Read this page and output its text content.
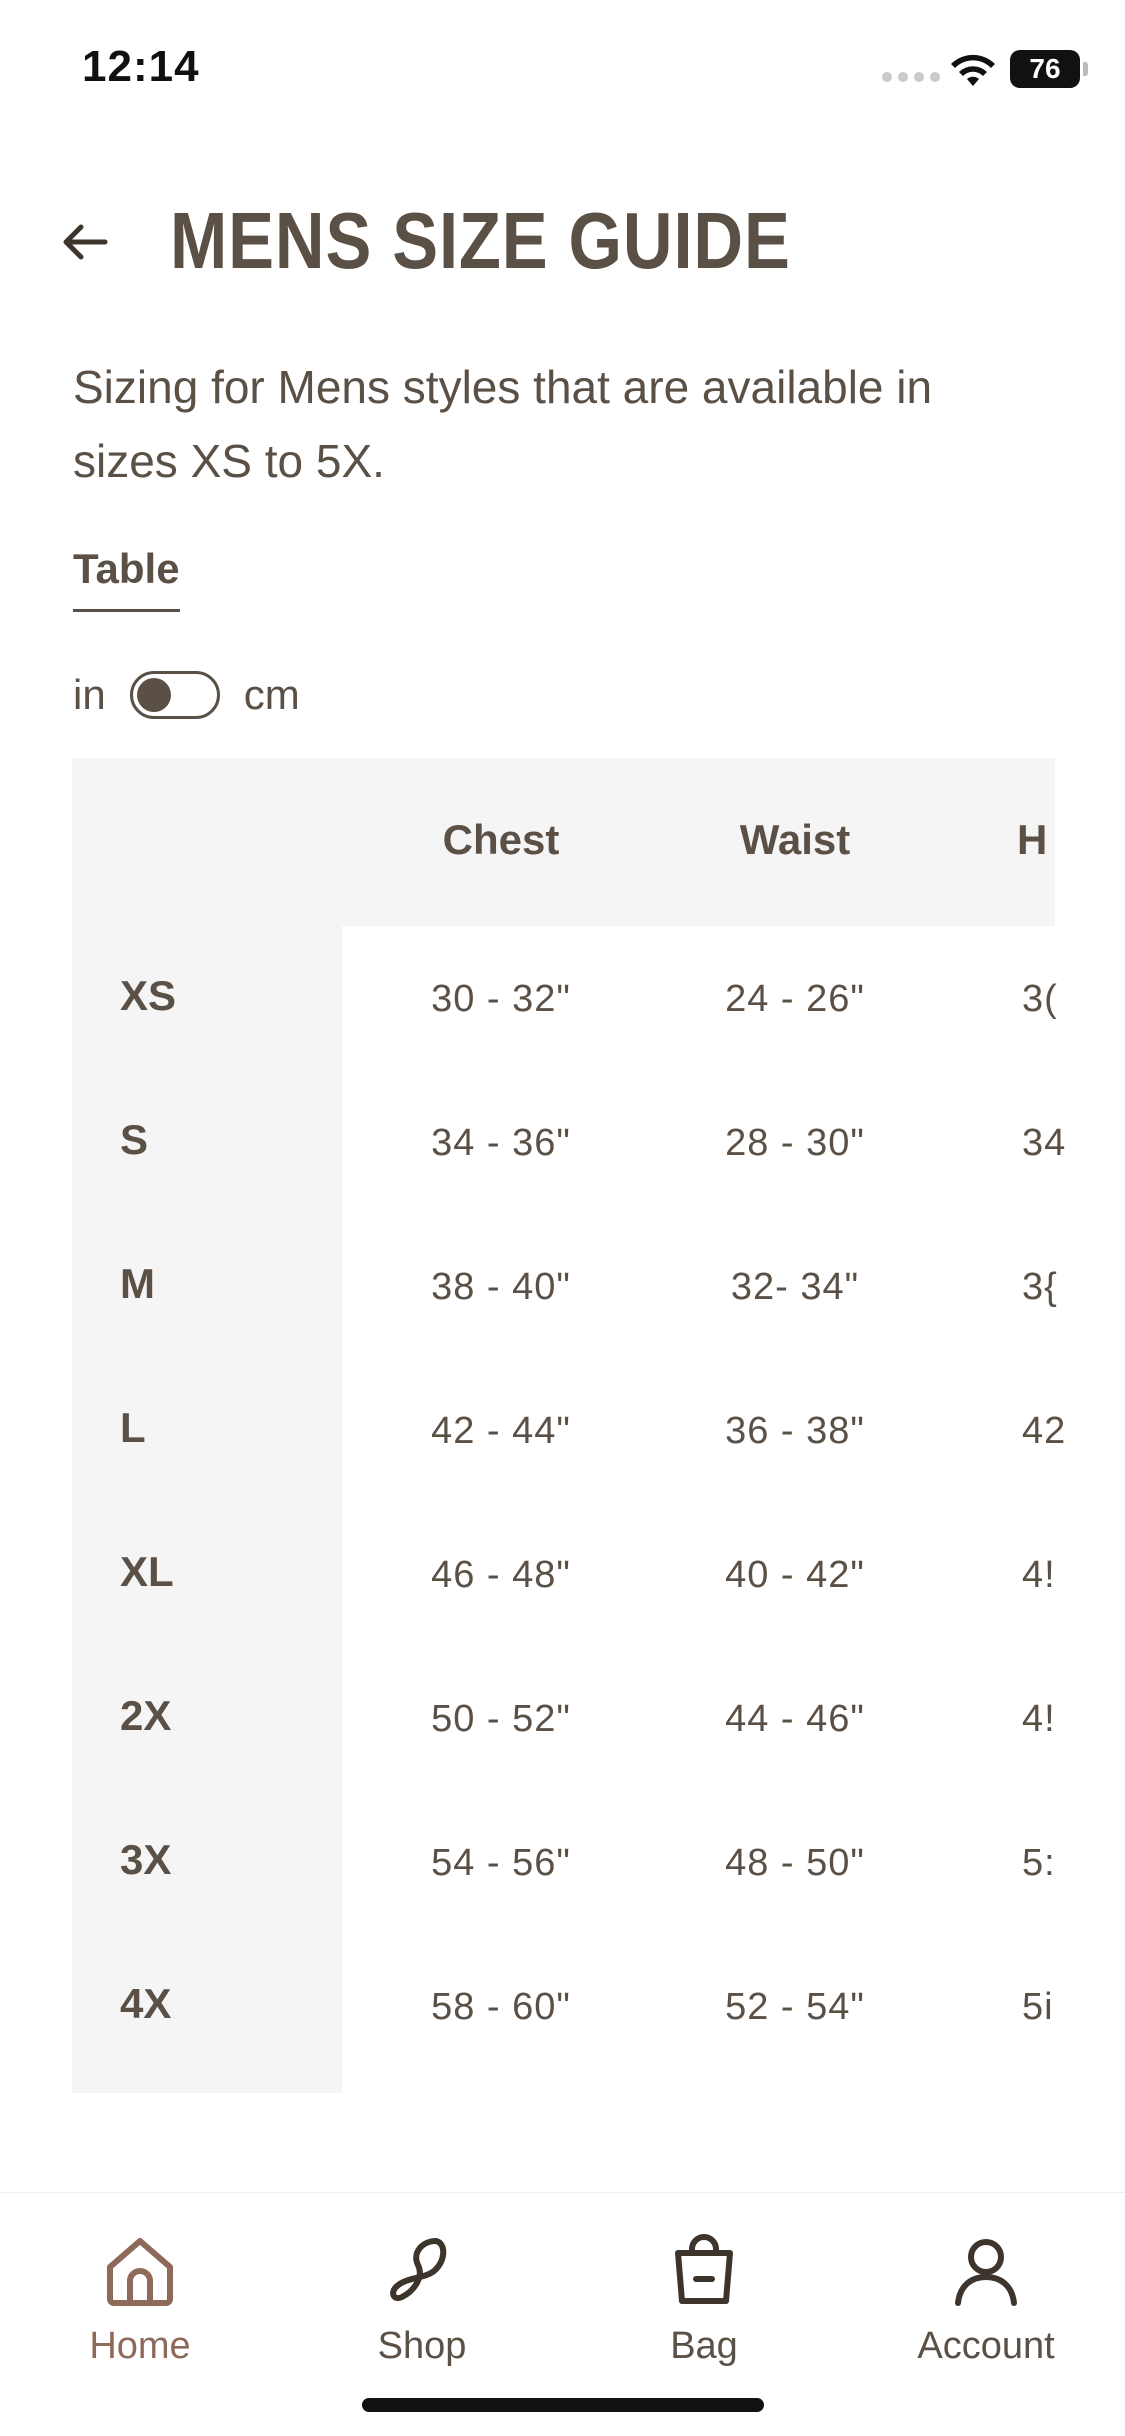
12:14	76
MENS SIZE GUIDE
Sizing for Mens styles that are available in sizes XS to 5X.
Table
in	cm
Chest	Waist	H
XS	30 - 32"	24 - 26"	3(
S	34 - 36"	28 - 30"	34
M	38 - 40"	32- 34"	3{
L	42 - 44"	36 - 38"	42
XL	46 - 48"	40 - 42"	4!
2X	50 - 52"	44 - 46"	4!
3X	54 - 56"	48 - 50"	5:
4X	58 - 60"	52 - 54"	5i
Home	Shop	Bag	Account
